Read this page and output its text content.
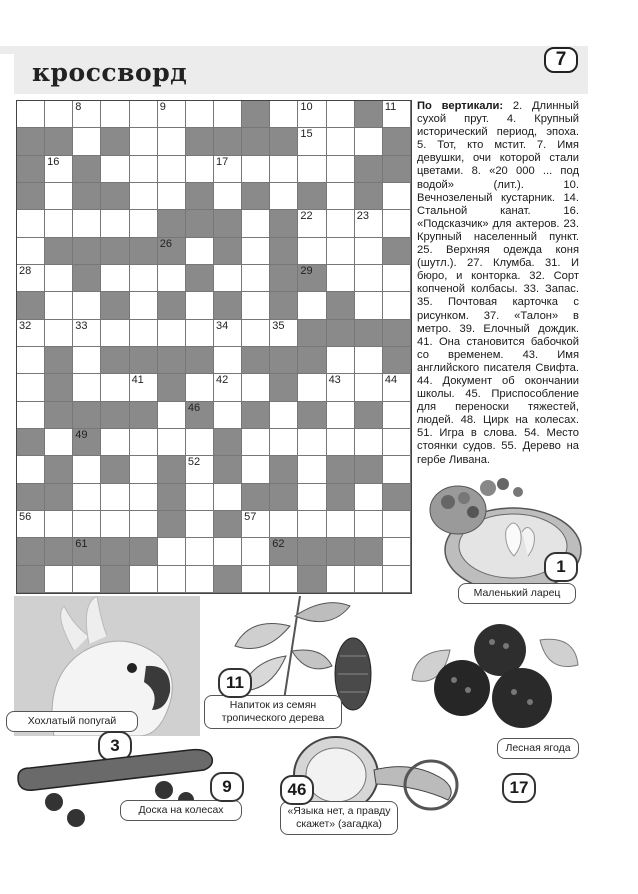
кроссворд	7
8	9	10	11
15
16	17
22	23
26
28	29
32	33	34	35
41	42	43	44
46
49
52
56	57
61	62
По вертикали: 2. Длинный сухой прут. 4. Крупный исторический период, эпоха. 5. Тот, кто мстит. 7. Имя девушки, очи которой стали цветами. 8. «20 000 ... под водой» (лит.). 10. Вечнозеленый кустарник. 14. Стальной канат. 16. «Подсказчик» для актеров. 23. Крупный населенный пункт. 25. Верхняя одежда коня (шутл.). 27. Клумба. 31. И бюро, и конторка. 32. Сорт копченой колбасы. 33. Запас. 35. Почтовая карточка с рисунком. 37. «Талон» в метро. 39. Елочный дождик. 41. Она становится бабочкой со временем. 43. Имя английского писателя Свифта. 44. Документ об окончании школы. 45. Приспособление для переноски тяжестей, людей. 48. Цирк на колесах. 51. Игра в слова. 54. Место стоянки судов. 55. Дерево на гербе Ливана.
Маленький ларец
1
Хохлатый попугай
3
Напиток из семян тропического дерева
11
Лесная ягода
17
Доска на колесах
9
«Языка нет, а правду скажет» (загадка)
46
